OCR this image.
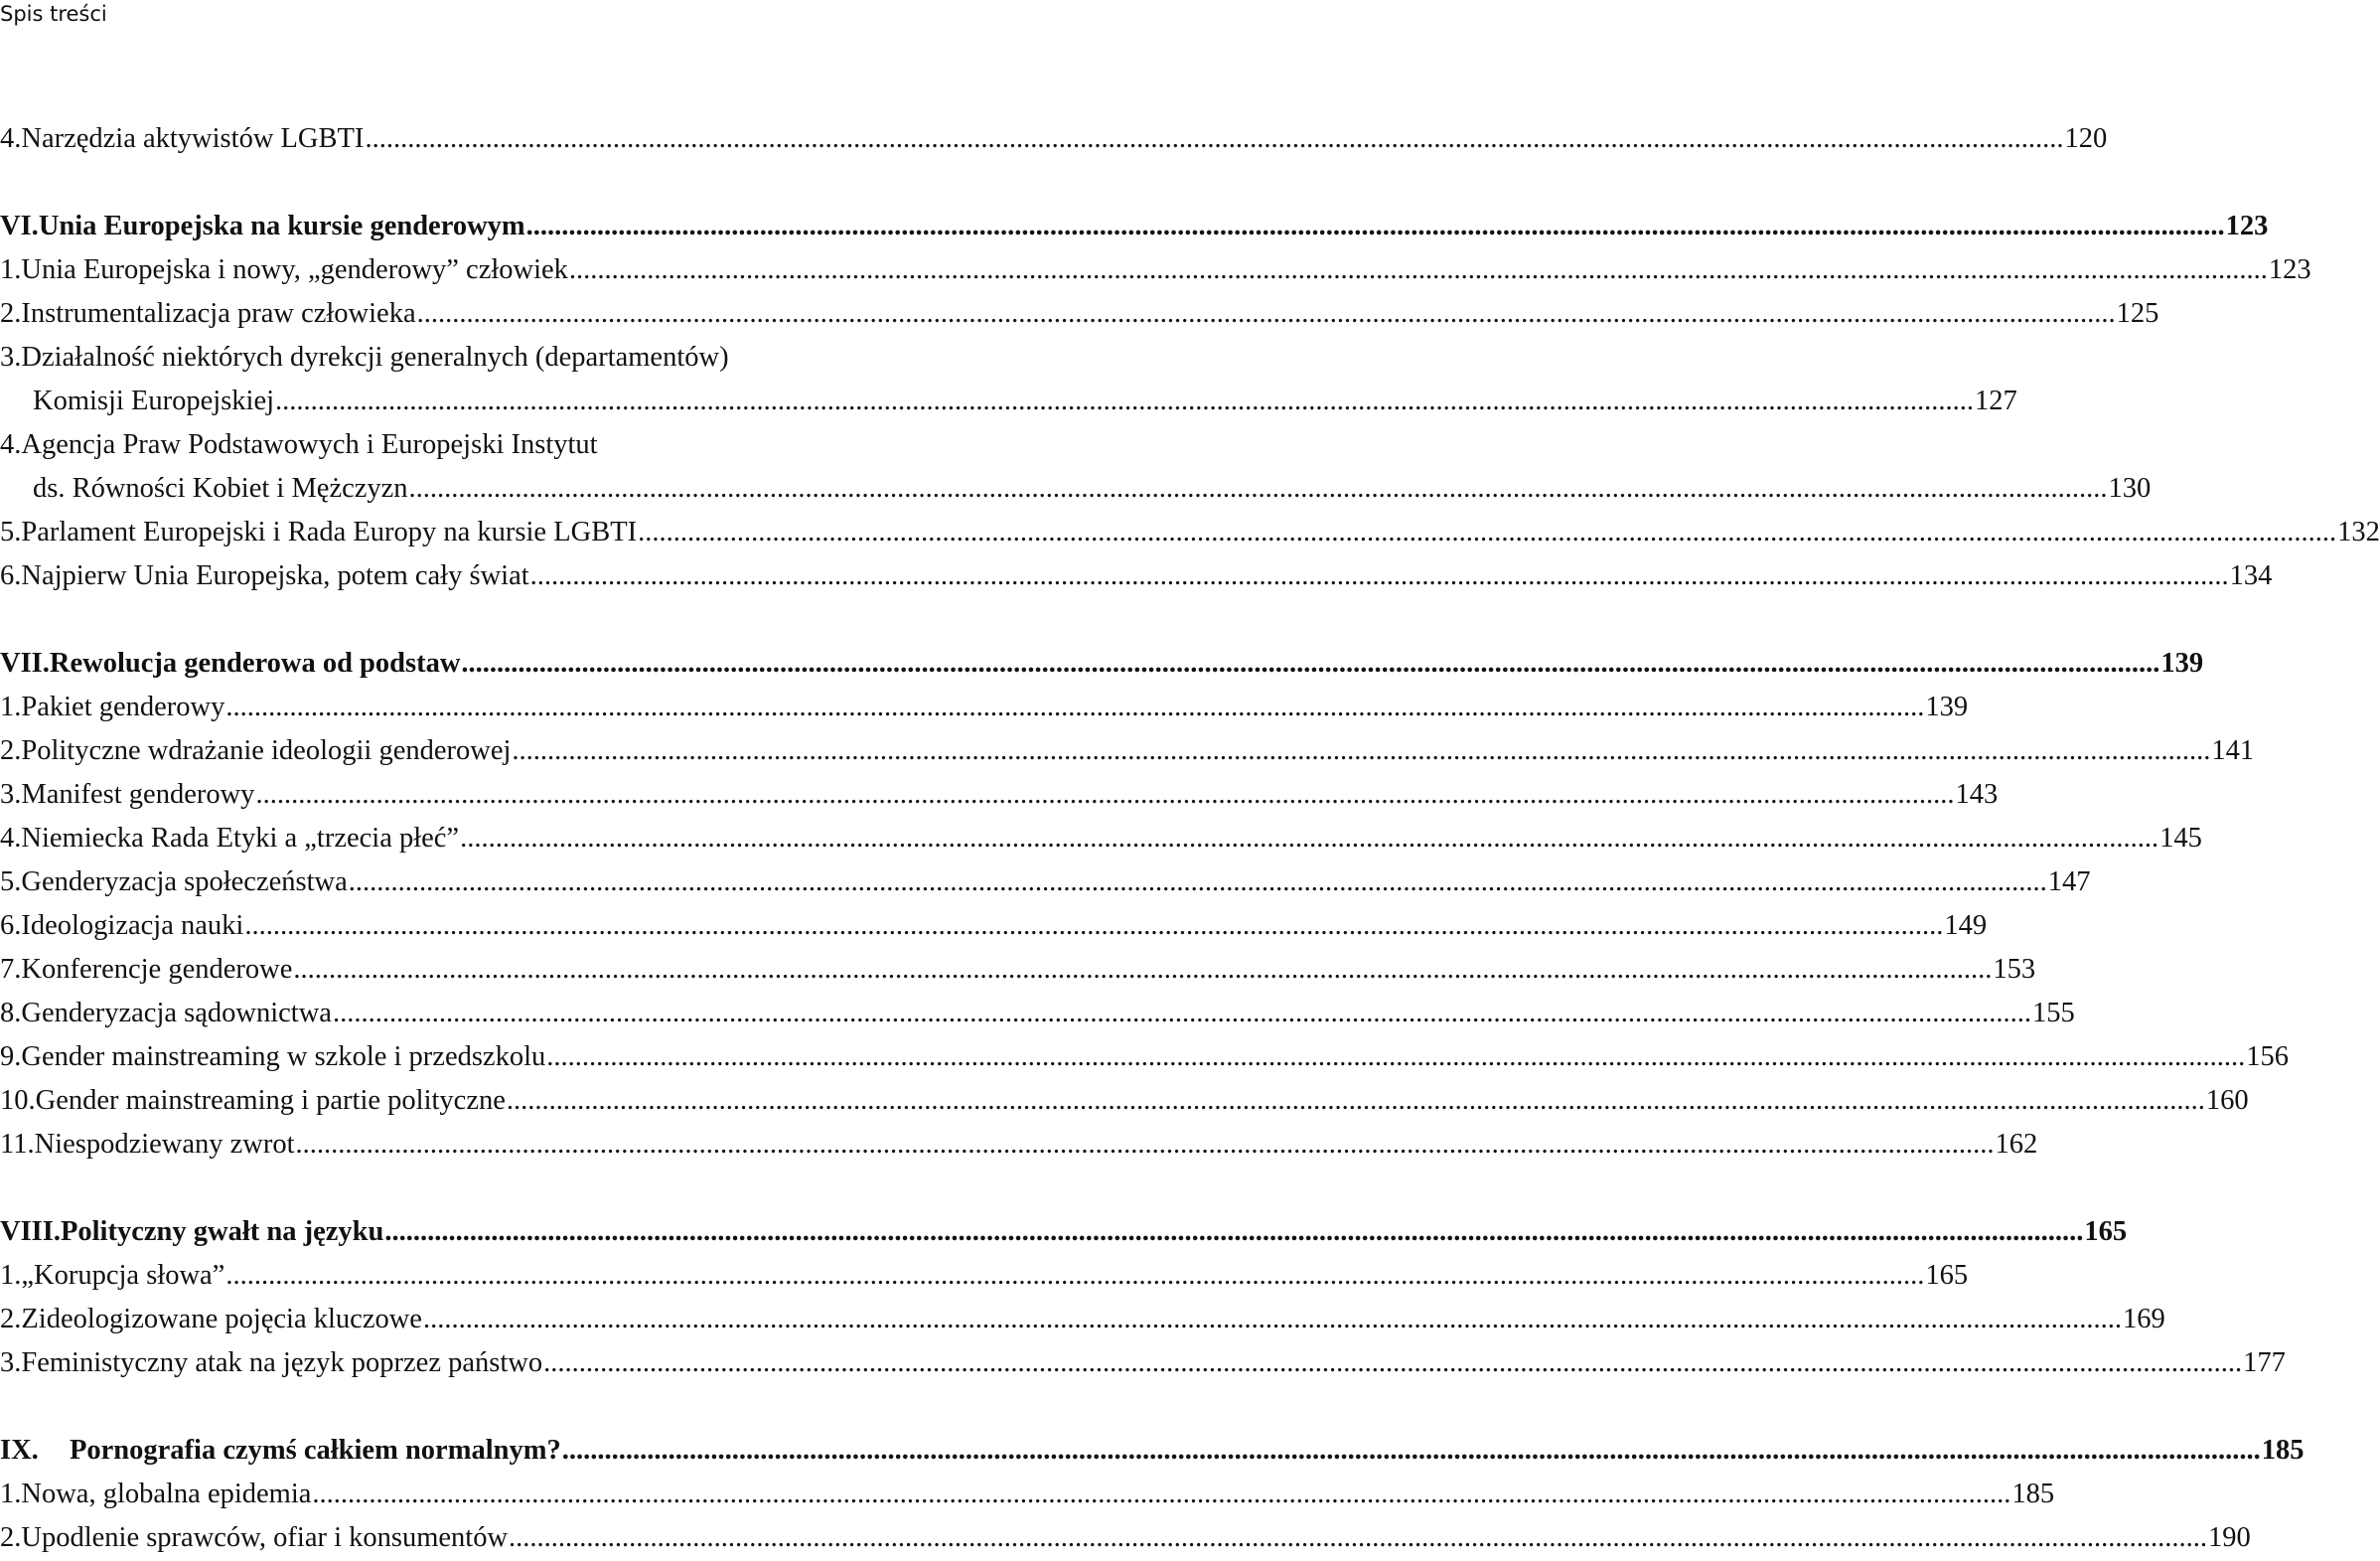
Spis treści
4. Narzędzia aktywistów LGBTI .....	120
VI. Unia Europejska na kursie genderowym .....	123
1. Unia Europejska i nowy, „genderowy” człowiek .....	123
2. Instrumentalizacja praw człowieka .....	125
3. Działalność niektórych dyrekcji generalnych (departamentów)
Komisji Europejskiej .....	127
4. Agencja Praw Podstawowych i Europejski Instytut
ds. Równości Kobiet i Mężczyzn .....	130
5. Parlament Europejski i Rada Europy na kursie LGBTI .....	132
6. Najpierw Unia Europejska, potem cały świat .....	134
VII. Rewolucja genderowa od podstaw .....	139
1. Pakiet genderowy .....	139
2. Polityczne wdrażanie ideologii genderowej .....	141
3. Manifest genderowy .....	143
4. Niemiecka Rada Etyki a „trzecia płeć” .....	145
5. Genderyzacja społeczeństwa .....	147
6. Ideologizacja nauki .....	149
7. Konferencje genderowe .....	153
8. Genderyzacja sądownictwa .....	155
9. Gender mainstreaming w szkole i przedszkolu .....	156
10. Gender mainstreaming i partie polityczne .....	160
11. Niespodziewany zwrot .....	162
VIII. Polityczny gwałt na języku .....	165
1. „Korupcja słowa” .....	165
2. Zideologizowane pojęcia kluczowe .....	169
3. Feministyczny atak na język poprzez państwo .....	177
IX.	Pornografia czymś całkiem normalnym? .....	185
1. Nowa, globalna epidemia .....	185
2. Upodlenie sprawców, ofiar i konsumentów .....	190
